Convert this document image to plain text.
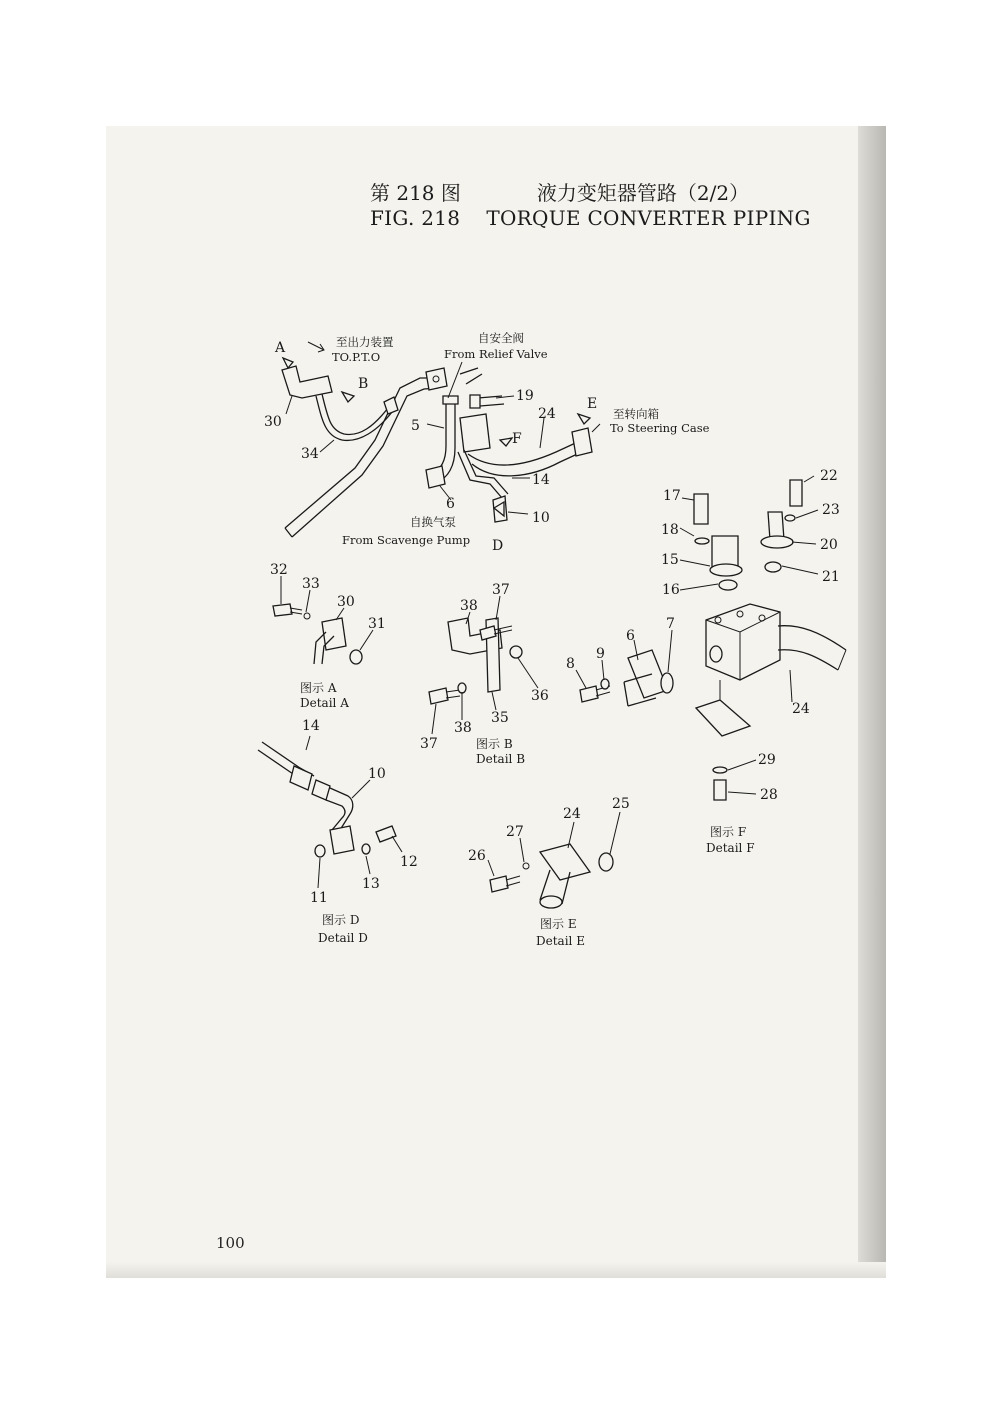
第 218 图	液力变矩器管路（2/2）
FIG. 218 TORQUE CONVERTER PIPING
至出力装置
TO.P.T.O
自安全阀
From Relief Valve
至转向箱
To Steering Case
自换气泵
From Scavenge Pump
A
B
E
F
D
30
34
5
6
19
24
14
10
32
33
30
31
图示 A
Detail A
38
37
36
37
38
35
图示 B
Detail B
14
10
12
11
13
图示 D
Detail D
24
25
27
26
图示 E
Detail E
17
18
15
16
22
23
20
21
7
6
9
8
24
29
28
图示 F
Detail F
100
